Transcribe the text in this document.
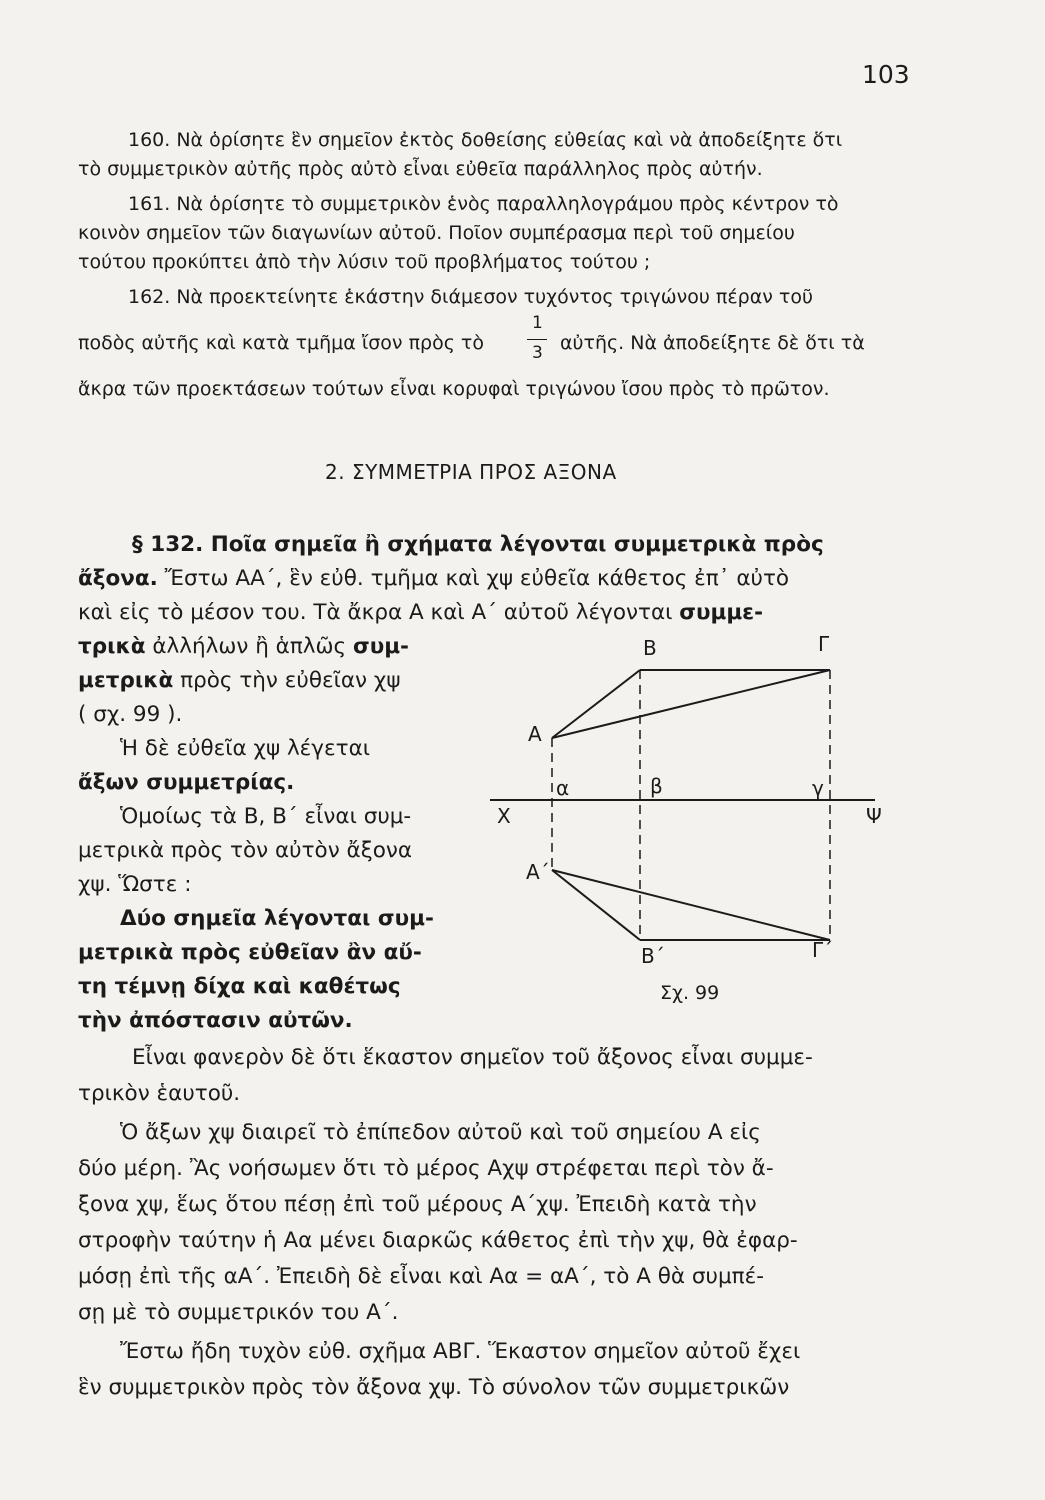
103
160. Νὰ ὁρίσητε ἓν σημεῖον ἐκτὸς δοθείσης εὐθείας καὶ νὰ ἀποδείξητε ὅτι
τὸ συμμετρικὸν αὐτῆς πρὸς αὐτὸ εἶναι εὐθεῖα παράλληλος πρὸς αὐτήν.
161. Νὰ ὁρίσητε τὸ συμμετρικὸν ἑνὸς παραλληλογράμου πρὸς κέντρον τὸ
κοινὸν σημεῖον τῶν διαγωνίων αὐτοῦ. Ποῖον συμπέρασμα περὶ τοῦ σημείου
τούτου προκύπτει ἀπὸ τὴν λύσιν τοῦ προβλήματος τούτου ;
162. Νὰ προεκτείνητε ἑκάστην διάμεσον τυχόντος τριγώνου πέραν τοῦ
ποδὸς αὐτῆς καὶ κατὰ τμῆμα ἴσον πρὸς τὸ
1
3 αὐτῆς. Νὰ ἀποδείξητε δὲ ὅτι τὰ
ἄκρα τῶν προεκτάσεων τούτων εἶναι κορυφαὶ τριγώνου ἴσου πρὸς τὸ πρῶτον.
2. ΣΥΜΜΕΤΡΙΑ ΠΡΟΣ ΑΞΟΝΑ
§ 132. Ποῖα σημεῖα ἢ σχήματα λέγονται συμμετρικὰ πρὸς
ἄξονα. Ἔστω ΑΑ΄, ἓν εὐθ. τμῆμα καὶ χψ εὐθεῖα κάθετος ἐπ᾿ αὐτὸ
καὶ εἰς τὸ μέσον του. Τὰ ἄκρα Α καὶ Α΄ αὐτοῦ λέγονται συμμε-
τρικὰ ἀλλήλων ἢ ἁπλῶς συμ-
μετρικὰ πρὸς τὴν εὐθεῖαν χψ
( σχ. 99 ).
Ἡ δὲ εὐθεῖα χψ λέγεται
ἄξων συμμετρίας.
Ὁμοίως τὰ Β, Β΄ εἶναι συμ-
μετρικὰ πρὸς τὸν αὐτὸν ἄξονα
χψ. Ὥστε :
Δύο σημεῖα λέγονται συμ-
μετρικὰ πρὸς εὐθεῖαν ἂν αὔ-
τη τέμνῃ δίχα καὶ καθέτως
τὴν ἀπόστασιν αὐτῶν.
Β	Γ
Α
α	β	γ
Χ	Ψ
Α΄
Β΄	Γ΄
Σχ. 99
Εἶναι φανερὸν δὲ ὅτι ἕκαστον σημεῖον τοῦ ἄξονος εἶναι συμμε-
τρικὸν ἑαυτοῦ.
Ὁ ἄξων χψ διαιρεῖ τὸ ἐπίπεδον αὐτοῦ καὶ τοῦ σημείου Α εἰς
δύο μέρη. Ἂς νοήσωμεν ὅτι τὸ μέρος Αχψ στρέφεται περὶ τὸν ἄ-
ξονα χψ, ἕως ὅτου πέσῃ ἐπὶ τοῦ μέρους Α΄χψ. Ἐπειδὴ κατὰ τὴν
στροφὴν ταύτην ἡ Αα μένει διαρκῶς κάθετος ἐπὶ τὴν χψ, θὰ ἐφαρ-
μόσῃ ἐπὶ τῆς αΑ΄. Ἐπειδὴ δὲ εἶναι καὶ Αα = αΑ΄, τὸ Α θὰ συμπέ-
σῃ μὲ τὸ συμμετρικόν του Α΄.
Ἔστω ἤδη τυχὸν εὐθ. σχῆμα ΑΒΓ. Ἕκαστον σημεῖον αὐτοῦ ἔχει
ἓν συμμετρικὸν πρὸς τὸν ἄξονα χψ. Τὸ σύνολον τῶν συμμετρικῶν
